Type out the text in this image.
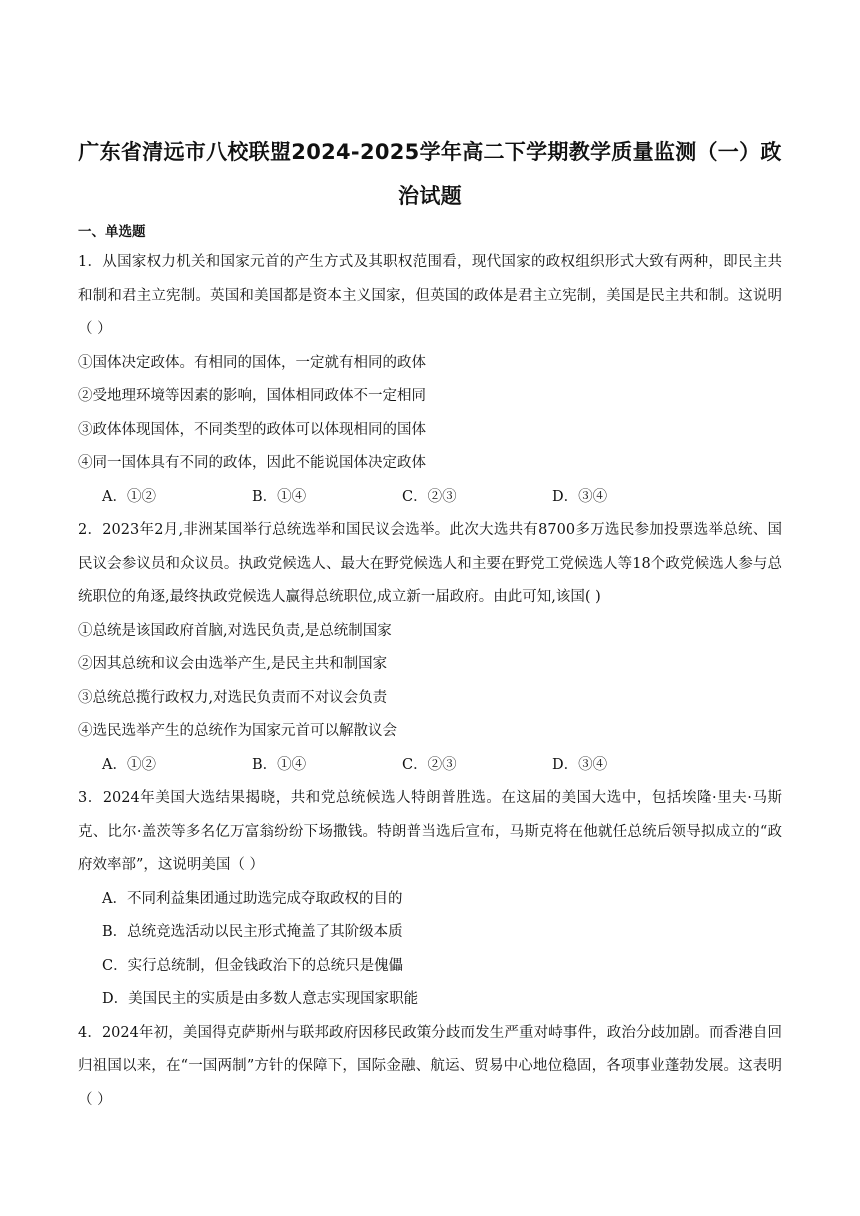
广东省清远市八校联盟2024-2025学年高二下学期教学质量监测（一）政
治试题
一、单选题

1．从国家权力机关和国家元首的产生方式及其职权范围看，现代国家的政权组织形式大致有两种，即民主共和制和君主立宪制。英国和美国都是资本主义国家，但英国的政体是君主立宪制，美国是民主共和制。这说明（ ）

①国体决定政体。有相同的国体，一定就有相同的政体

②受地理环境等因素的影响，国体相同政体不一定相同

③政体体现国体，不同类型的政体可以体现相同的国体

④同一国体具有不同的政体，因此不能说国体决定政体

A．①②	B．①④	C．②③	D．③④

2．2023年2月,非洲某国举行总统选举和国民议会选举。此次大选共有8700多万选民参加投票选举总统、国民议会参议员和众议员。执政党候选人、最大在野党候选人和主要在野党工党候选人等18个政党候选人参与总统职位的角逐,最终执政党候选人赢得总统职位,成立新一届政府。由此可知,该国( )

①总统是该国政府首脑,对选民负责,是总统制国家

②因其总统和议会由选举产生,是民主共和制国家

③总统总揽行政权力,对选民负责而不对议会负责

④选民选举产生的总统作为国家元首可以解散议会

A．①②	B．①④	C．②③	D．③④

3．2024年美国大选结果揭晓，共和党总统候选人特朗普胜选。在这届的美国大选中，包括埃隆·里夫·马斯克、比尔·盖茨等多名亿万富翁纷纷下场撒钱。特朗普当选后宣布，马斯克将在他就任总统后领导拟成立的“政府效率部”，这说明美国（ ）

A．不同利益集团通过助选完成夺取政权的目的
B．总统竞选活动以民主形式掩盖了其阶级本质
C．实行总统制，但金钱政治下的总统只是傀儡
D．美国民主的实质是由多数人意志实现国家职能

4．2024年初，美国得克萨斯州与联邦政府因移民政策分歧而发生严重对峙事件，政治分歧加剧。而香港自回归祖国以来，在“一国两制”方针的保障下，国际金融、航运、贸易中心地位稳固，各项事业蓬勃发展。这表明（ ）
